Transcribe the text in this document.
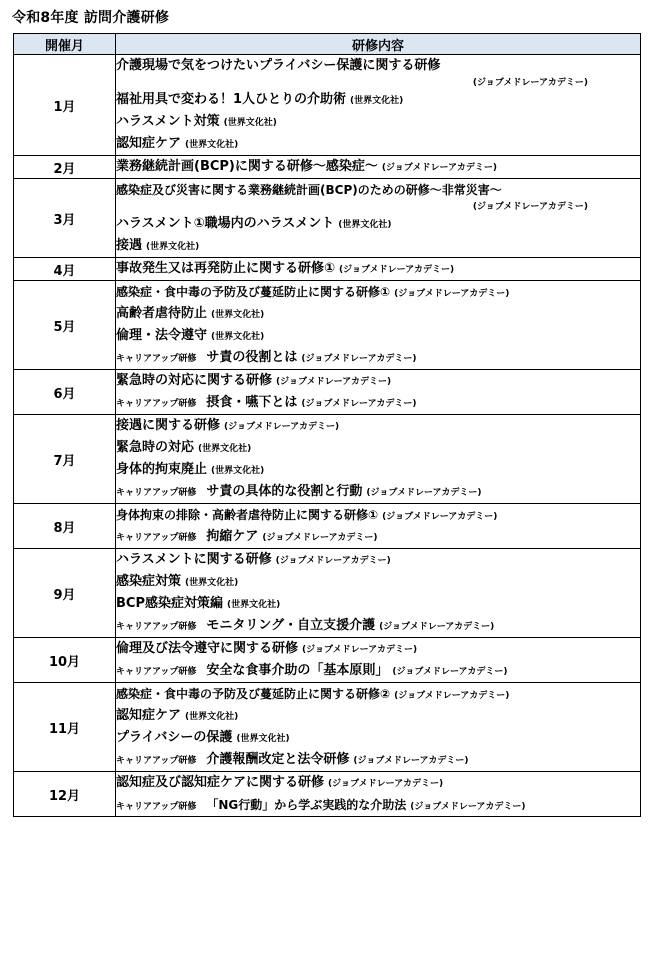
令和8年度 訪問介護研修
開催月	研修内容
1月	介護現場で気をつけたいプライバシー保護に関する研修
(ジョブメドレーアカデミー)
福祉用具で変わる！1人ひとりの介助術 (世界文化社)
ハラスメント対策 (世界文化社)
認知症ケア (世界文化社)

2月	業務継続計画(BCP)に関する研修〜感染症〜 (ジョブメドレーアカデミー)

3月	感染症及び災害に関する業務継続計画(BCP)のための研修〜非常災害〜
(ジョブメドレーアカデミー)
ハラスメント①職場内のハラスメント (世界文化社)
接遇 (世界文化社)

4月	事故発生又は再発防止に関する研修① (ジョブメドレーアカデミー)

5月	感染症・食中毒の予防及び蔓延防止に関する研修① (ジョブメドレーアカデミー)
高齢者虐待防止 (世界文化社)
倫理・法令遵守 (世界文化社)
キャリアアップ研修 サ責の役割とは (ジョブメドレーアカデミー)

6月	緊急時の対応に関する研修 (ジョブメドレーアカデミー)
キャリアアップ研修 摂食・嚥下とは (ジョブメドレーアカデミー)

7月	接遇に関する研修 (ジョブメドレーアカデミー)
緊急時の対応 (世界文化社)
身体的拘束廃止 (世界文化社)
キャリアアップ研修 サ責の具体的な役割と行動 (ジョブメドレーアカデミー)

8月	身体拘束の排除・高齢者虐待防止に関する研修① (ジョブメドレーアカデミー)
キャリアアップ研修 拘縮ケア (ジョブメドレーアカデミー)

9月	ハラスメントに関する研修 (ジョブメドレーアカデミー)
感染症対策 (世界文化社)
BCP感染症対策編 (世界文化社)
キャリアアップ研修 モニタリング・自立支援介護 (ジョブメドレーアカデミー)

10月	倫理及び法令遵守に関する研修 (ジョブメドレーアカデミー)
キャリアアップ研修 安全な食事介助の「基本原則」 (ジョブメドレーアカデミー)

11月	感染症・食中毒の予防及び蔓延防止に関する研修② (ジョブメドレーアカデミー)
認知症ケア (世界文化社)
プライバシーの保護 (世界文化社)
キャリアアップ研修 介護報酬改定と法令研修 (ジョブメドレーアカデミー)

12月	認知症及び認知症ケアに関する研修 (ジョブメドレーアカデミー)
キャリアアップ研修 「NG行動」から学ぶ実践的な介助法 (ジョブメドレーアカデミー)
